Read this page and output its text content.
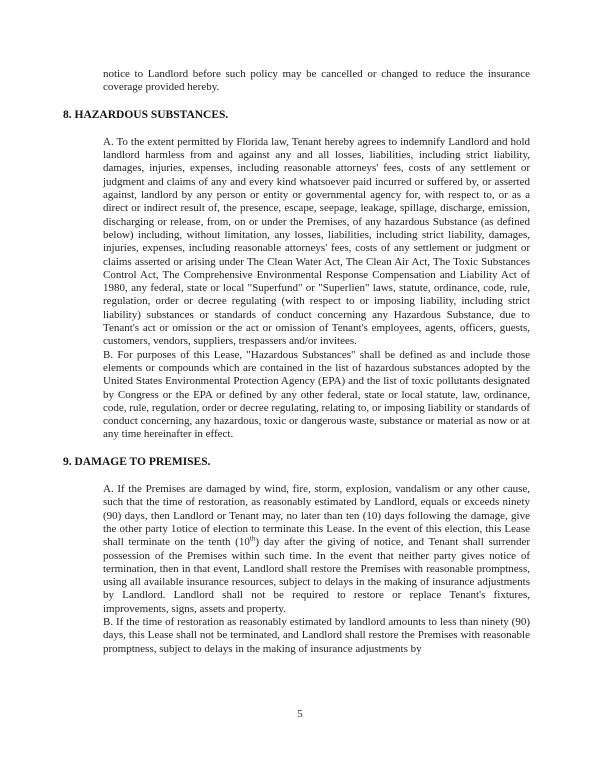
notice to Landlord before such policy may be cancelled or changed to reduce the insurance coverage provided hereby.

8. HAZARDOUS SUBSTANCES.

A. To the extent permitted by Florida law, Tenant hereby agrees to indemnify Landlord and hold landlord harmless from and against any and all losses, liabilities, including strict liability, damages, injuries, expenses, including reasonable attorneys' fees, costs of any settlement or judgment and claims of any and every kind whatsoever paid incurred or suffered by, or asserted against, landlord by any person or entity or governmental agency for, with respect to, or as a direct or indirect result of, the presence, escape, seepage, leakage, spillage, discharge, emission, discharging or release, from, on or under the Premises, of any hazardous Substance (as defined below) including, without limitation, any losses, liabilities, including strict liability, damages, injuries, expenses, including reasonable attorneys' fees, costs of any settlement or judgment or claims asserted or arising under The Clean Water Act, The Clean Air Act, The Toxic Substances Control Act, The Comprehensive Environmental Response Compensation and Liability Act of 1980, any federal, state or local "Superfund" or "Superlien" laws, statute, ordinance, code, rule, regulation, order or decree regulating (with respect to or imposing liability, including strict liability) substances or standards of conduct concerning any Hazardous Substance, due to Tenant's act or omission or the act or omission of Tenant's employees, agents, officers, guests, customers, vendors, suppliers, trespassers and/or invitees.

B. For purposes of this Lease, "Hazardous Substances" shall be defined as and include those elements or compounds which are contained in the list of hazardous substances adopted by the United States Environmental Protection Agency (EPA) and the list of toxic pollutants designated by Congress or the EPA or defined by any other federal, state or local statute, law, ordinance, code, rule, regulation, order or decree regulating, relating to, or imposing liability or standards of conduct concerning, any hazardous, toxic or dangerous waste, substance or material as now or at any time hereinafter in effect.

9. DAMAGE TO PREMISES.

A. If the Premises are damaged by wind, fire, storm, explosion, vandalism or any other cause, such that the time of restoration, as reasonably estimated by Landlord, equals or exceeds ninety (90) days, then Landlord or Tenant may, no later than ten (10) days following the damage, give the other party 1otice of election to terminate this Lease. In the event of this election, this Lease shall terminate on the tenth (10th) day after the giving of notice, and Tenant shall surrender possession of the Premises within such time. In the event that neither party gives notice of termination, then in that event, Landlord shall restore the Premises with reasonable promptness, using all available insurance resources, subject to delays in the making of insurance adjustments by Landlord. Landlord shall not be required to restore or replace Tenant's fixtures, improvements, signs, assets and property.

B. If the time of restoration as reasonably estimated by landlord amounts to less than ninety (90) days, this Lease shall not be terminated, and Landlord shall restore the Premises with reasonable promptness, subject to delays in the making of insurance adjustments by

5
